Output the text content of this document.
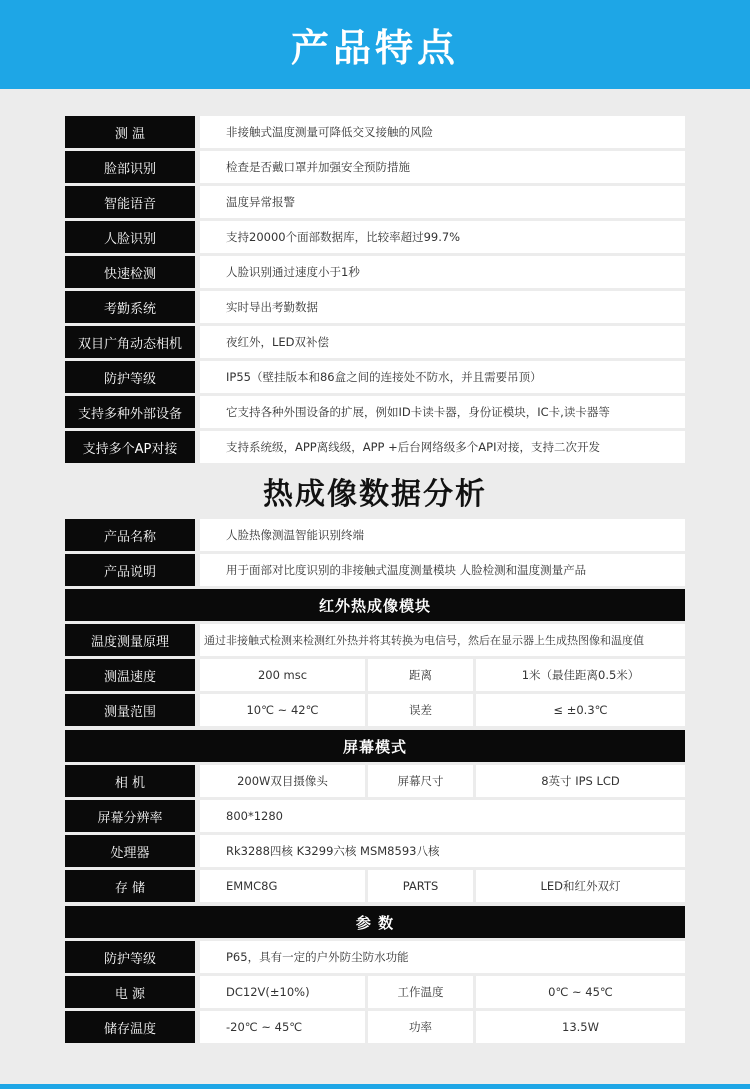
产品特点
测 温	非接触式温度测量可降低交叉接触的风险
脸部识别	检查是否戴口罩并加强安全预防措施
智能语音	温度异常报警
人脸识别	支持20000个面部数据库，比较率超过99.7%
快速检测	人脸识别通过速度小于1秒
考勤系统	实时导出考勤数据
双目广角动态相机	夜红外，LED双补偿
防护等级	IP55（壁挂版本和86盒之间的连接处不防水，并且需要吊顶）
支持多种外部设备	它支持各种外围设备的扩展，例如ID卡读卡器，身份证模块，IC卡,读卡器等
支持多个AP对接	支持系统级，APP离线级，APP +后台网络级多个API对接，支持二次开发
热成像数据分析
产品名称	人脸热像测温智能识别终端
产品说明	用于面部对比度识别的非接触式温度测量模块 人脸检测和温度测量产品
红外热成像模块
温度测量原理	通过非接触式检测来检测红外热并将其转换为电信号，然后在显示器上生成热图像和温度值
测温速度	200 msc	距离	1米（最佳距离0.5米）
测量范围	10℃ ~ 42℃	误差	≤ ±0.3℃
屏幕模式
相 机	200W双目摄像头	屏幕尺寸	8英寸 IPS LCD
屏幕分辨率	800*1280
处理器	Rk3288四核 K3299六核 MSM8593八核
存 储	EMMC8G	PARTS	LED和红外双灯
参 数
防护等级	P65，具有一定的户外防尘防水功能
电 源	DC12V(±10%)	工作温度	0℃ ~ 45℃
储存温度	-20℃ ~ 45℃	功率	13.5W
